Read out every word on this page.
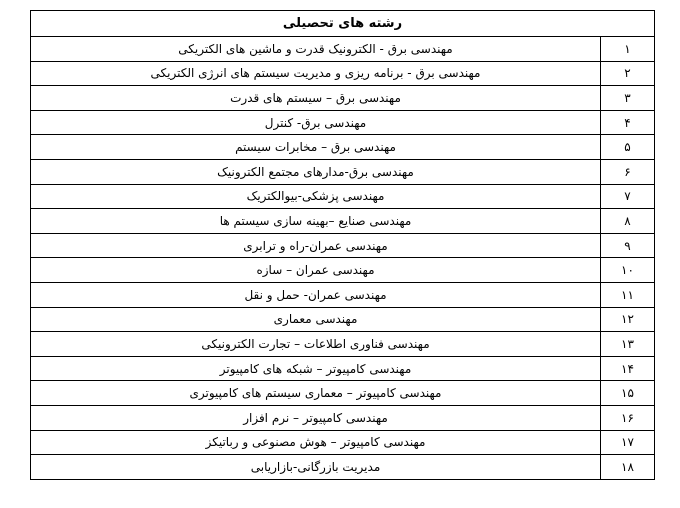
رشته های تحصیلی	
۱	مهندسی برق - الکترونیک قدرت و ماشین های الکتریکی
۲	مهندسی برق - برنامه ریزی و مدیریت سیستم های انرژی الکتریکی
۳	مهندسی برق – سیستم های قدرت
۴	مهندسی برق- کنترل
۵	مهندسی برق – مخابرات سیستم
۶	مهندسی برق-مدارهای مجتمع الکترونیک
۷	مهندسی پزشکی-بیوالکتریک
۸	مهندسی صنایع –بهینه سازی سیستم ها
۹	مهندسی عمران-راه و ترابری
۱۰	مهندسی عمران – سازه
۱۱	مهندسی عمران- حمل و نقل
۱۲	مهندسی معماری
۱۳	مهندسی فناوری اطلاعات – تجارت الکترونیکی
۱۴	مهندسی کامپیوتر – شبکه های کامپیوتر
۱۵	مهندسی کامپیوتر – معماری سیستم های کامپیوتری
۱۶	مهندسی کامپیوتر – نرم افزار
۱۷	مهندسی کامپیوتر – هوش مصنوعی و رباتیکز
۱۸	مدیریت بازرگانی-بازاریابی
